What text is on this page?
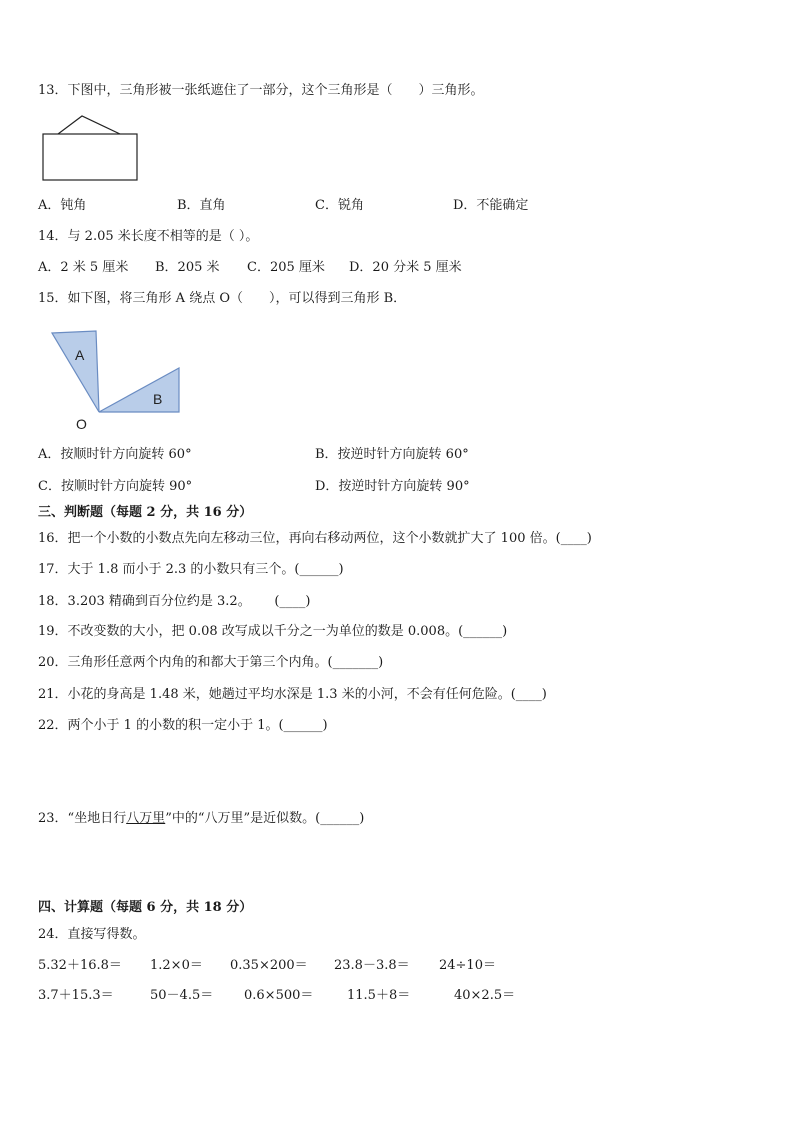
13．下图中，三角形被一张纸遮住了一部分，这个三角形是（　　）三角形。
A．钝角	B．直角	C．锐角	D．不能确定
14．与 2.05 米长度不相等的是（ ）。
A．2 米 5 厘米 B．205 米 C．205 厘米 D．20 分米 5 厘米
15．如下图，将三角形 A 绕点 O（　　），可以得到三角形 B．
A
B
O
A．按顺时针方向旋转 60°	B．按逆时针方向旋转 60°
C．按顺时针方向旋转 90°	D．按逆时针方向旋转 90°
三、判断题（每题 2 分，共 16 分）
16．把一个小数的小数点先向左移动三位，再向右移动两位，这个小数就扩大了 100 倍。(____)
17．大于 1.8 而小于 2.3 的小数只有三个。(______)
18．3.203 精确到百分位约是 3.2。　　 (____)
19．不改变数的大小，把 0.08 改写成以千分之一为单位的数是 0.008。(______)
20．三角形任意两个内角的和都大于第三个内角。(_______)
21．小花的身高是 1.48 米，她趟过平均水深是 1.3 米的小河，不会有任何危险。(____)
22．两个小于 1 的小数的积一定小于 1。(______)
23．“坐地日行八万里”中的“八万里”是近似数。(______)
四、计算题（每题 6 分，共 18 分）
24．直接写得数。
5.32＋16.8＝ 1.2×0＝ 0.35×200＝ 23.8－3.8＝ 24÷10＝
3.7＋15.3＝	50－4.5＝ 0.6×500＝	11.5＋8＝	40×2.5＝
